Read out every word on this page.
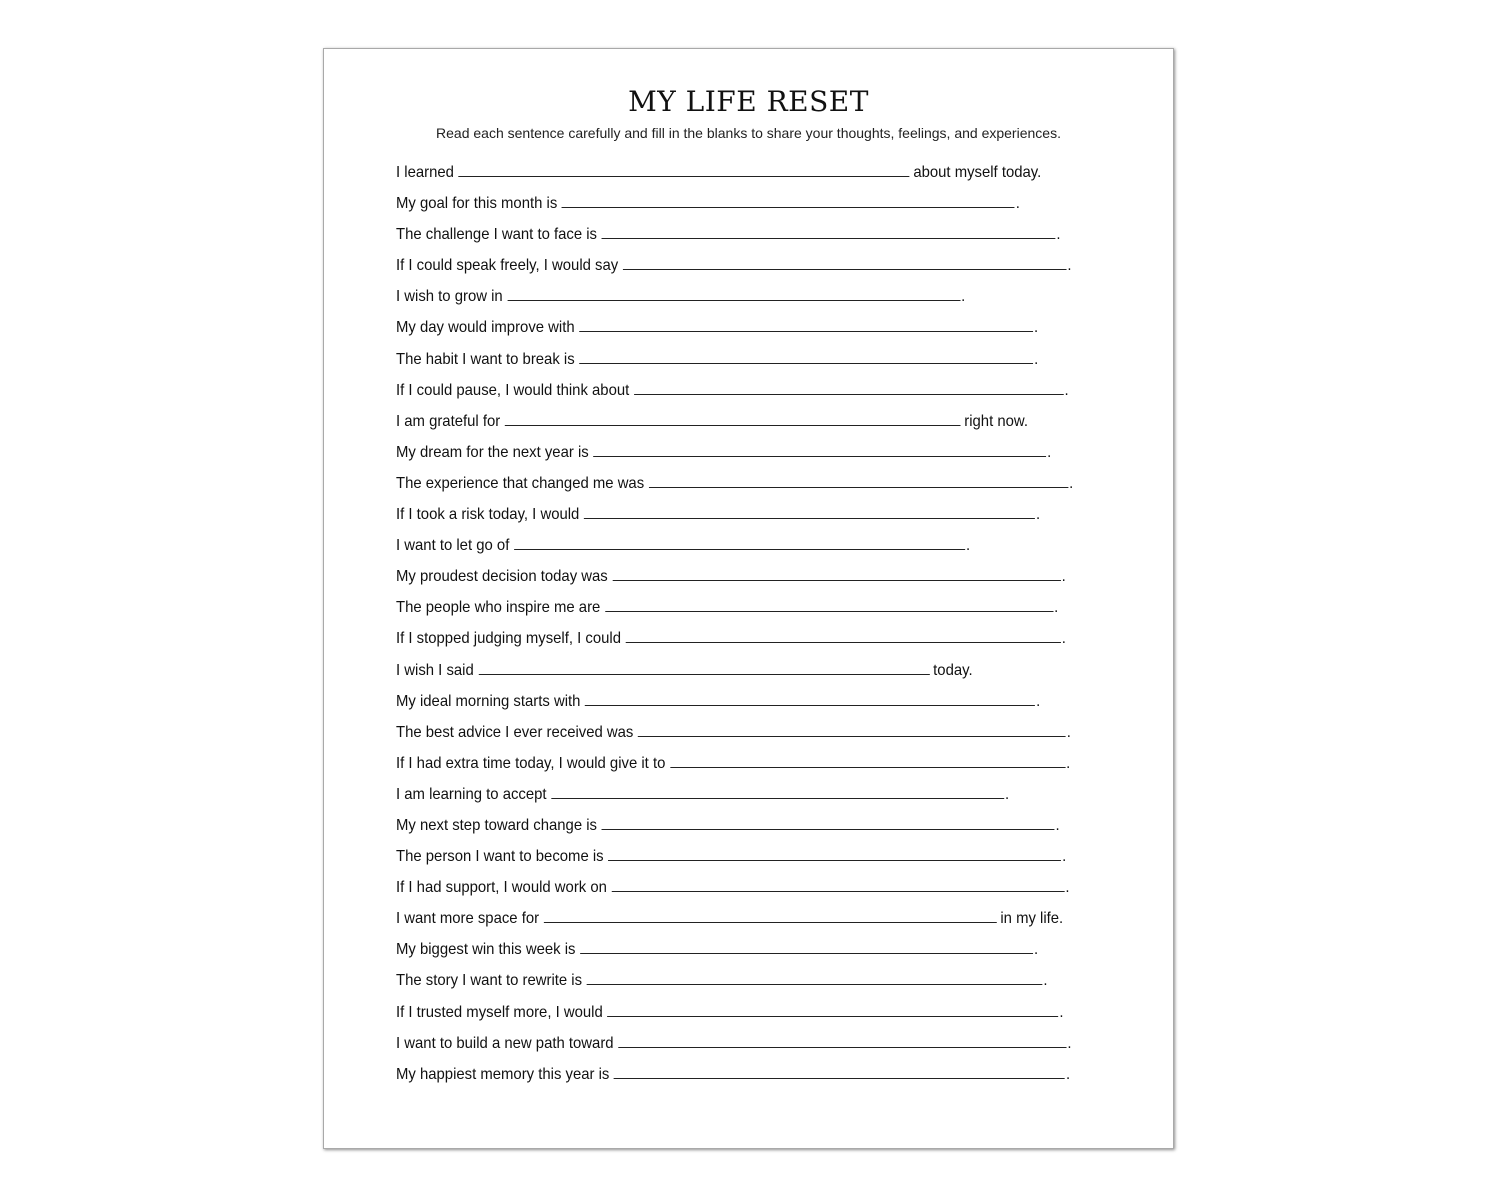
MY LIFE RESET

Read each sentence carefully and fill in the blanks to share your thoughts, feelings, and experiences.

I learned	about myself today.
My goal for this month is	.
The challenge I want to face is	.
If I could speak freely, I would say	.
I wish to grow in	.
My day would improve with	.
The habit I want to break is	.
If I could pause, I would think about	.
I am grateful for	right now.
My dream for the next year is	.
The experience that changed me was	.
If I took a risk today, I would	.
I want to let go of	.
My proudest decision today was	.
The people who inspire me are	.
If I stopped judging myself, I could	.
I wish I said	today.
My ideal morning starts with	.
The best advice I ever received was	.
If I had extra time today, I would give it to	.
I am learning to accept	.
My next step toward change is	.
The person I want to become is	.
If I had support, I would work on	.
I want more space for	in my life.
My biggest win this week is	.
The story I want to rewrite is	.
If I trusted myself more, I would	.
I want to build a new path toward	.
My happiest memory this year is	.
